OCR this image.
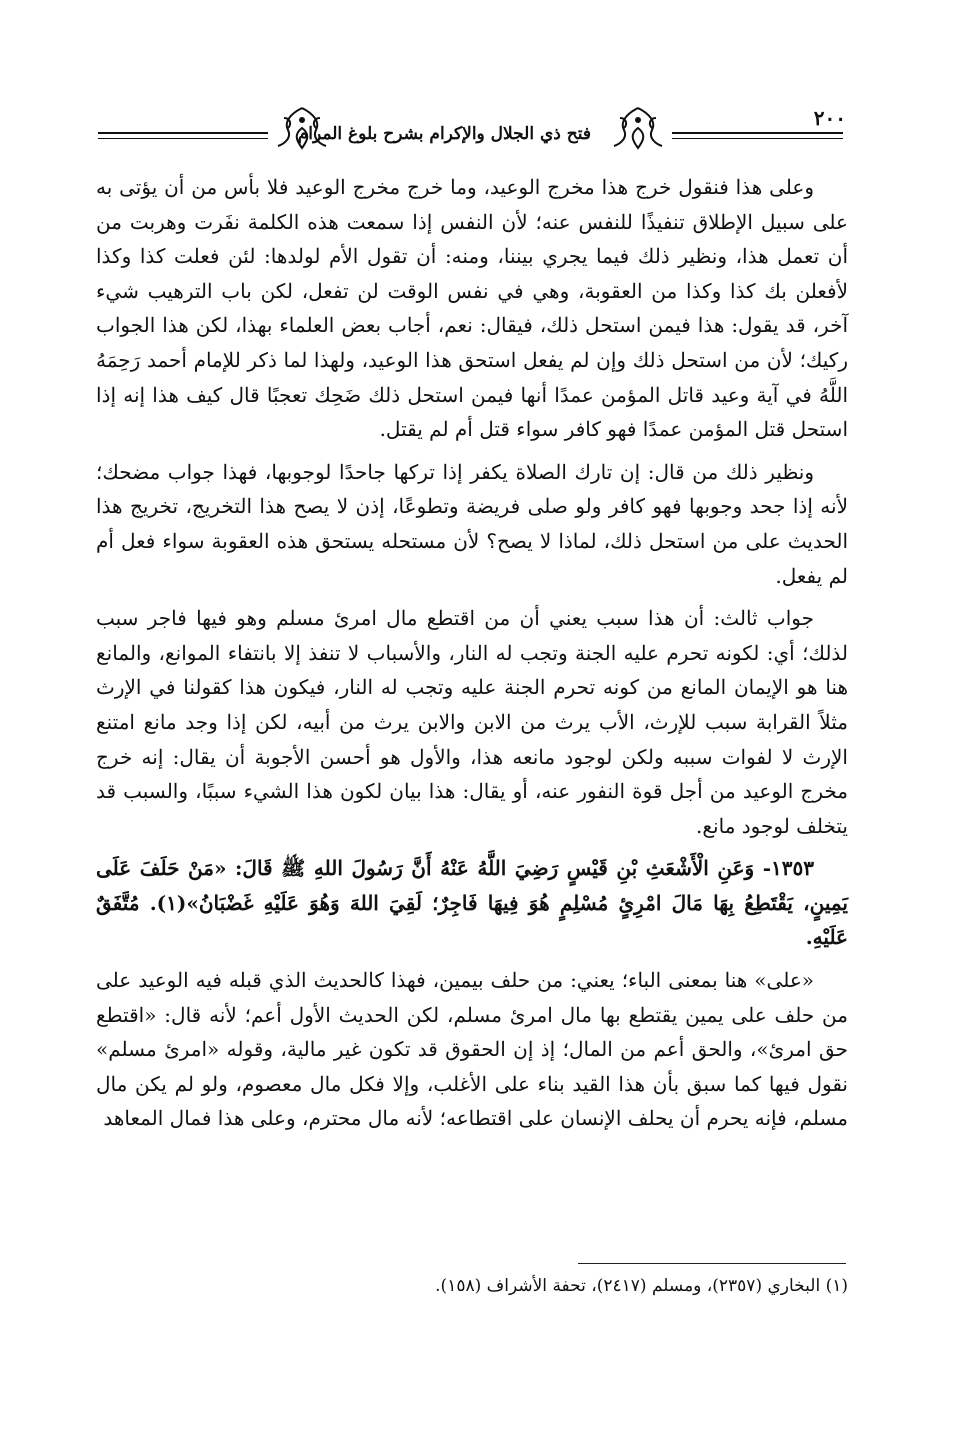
فتح ذي الجلال والإكرام بشرح بلوغ المرام
٢٠٠

وعلى هذا فنقول خرج هذا مخرج الوعيد، وما خرج مخرج الوعيد فلا بأس من أن يؤتى به على سبيل الإطلاق تنفيذًا للنفس عنه؛ لأن النفس إذا سمعت هذه الكلمة نفَرت وهربت من أن تعمل هذا، ونظير ذلك فيما يجري بيننا، ومنه: أن تقول الأم لولدها: لئن فعلت كذا وكذا لأفعلن بك كذا وكذا من العقوبة، وهي في نفس الوقت لن تفعل، لكن باب الترهيب شيء آخر، قد يقول: هذا فيمن استحل ذلك، فيقال: نعم، أجاب بعض العلماء بهذا، لكن هذا الجواب ركيك؛ لأن من استحل ذلك وإن لم يفعل استحق هذا الوعيد، ولهذا لما ذكر للإمام أحمد رَحِمَهُ اللَّهُ في آية وعيد قاتل المؤمن عمدًا أنها فيمن استحل ذلك ضَحِك تعجبًا قال كيف هذا إنه إذا استحل قتل المؤمن عمدًا فهو كافر سواء قتل أم لم يقتل.

ونظير ذلك من قال: إن تارك الصلاة يكفر إذا تركها جاحدًا لوجوبها، فهذا جواب مضحك؛ لأنه إذا جحد وجوبها فهو كافر ولو صلى فريضة وتطوعًا، إذن لا يصح هذا التخريج، تخريج هذا الحديث على من استحل ذلك، لماذا لا يصح؟ لأن مستحله يستحق هذه العقوبة سواء فعل أم لم يفعل.

جواب ثالث: أن هذا سبب يعني أن من اقتطع مال امرئ مسلم وهو فيها فاجر سبب لذلك؛ أي: لكونه تحرم عليه الجنة وتجب له النار، والأسباب لا تنفذ إلا بانتفاء الموانع، والمانع هنا هو الإيمان المانع من كونه تحرم الجنة عليه وتجب له النار، فيكون هذا كقولنا في الإرث مثلاً القرابة سبب للإرث، الأب يرث من الابن والابن يرث من أبيه، لكن إذا وجد مانع امتنع الإرث لا لفوات سببه ولكن لوجود مانعه هذا، والأول هو أحسن الأجوبة أن يقال: إنه خرج مخرج الوعيد من أجل قوة النفور عنه، أو يقال: هذا بيان لكون هذا الشيء سببًا، والسبب قد يتخلف لوجود مانع.

١٣٥٣- وَعَنِ الْأَشْعَثِ بْنِ قَيْسٍ رَضِيَ اللَّهُ عَنْهُ أَنَّ رَسُولَ اللهِ ﷺ قَالَ: «مَنْ حَلَفَ عَلَى يَمِينٍ، يَقْتَطِعُ بِهَا مَالَ امْرِئٍ مُسْلِمٍ هُوَ فِيهَا فَاجِرٌ؛ لَقِيَ اللهَ وَهُوَ عَلَيْهِ غَضْبَانُ»(١). مُتَّفَقٌ عَلَيْهِ.

«على» هنا بمعنى الباء؛ يعني: من حلف بيمين، فهذا كالحديث الذي قبله فيه الوعيد على من حلف على يمين يقتطع بها مال امرئ مسلم، لكن الحديث الأول أعم؛ لأنه قال: «اقتطع حق امرئ»، والحق أعم من المال؛ إذ إن الحقوق قد تكون غير مالية، وقوله «امرئ مسلم» نقول فيها كما سبق بأن هذا القيد بناء على الأغلب، وإلا فكل مال معصوم، ولو لم يكن مال مسلم، فإنه يحرم أن يحلف الإنسان على اقتطاعه؛ لأنه مال محترم، وعلى هذا فمال المعاهد

(١) البخاري (٢٣٥٧)، ومسلم (٢٤١٧)، تحفة الأشراف (١٥٨).
